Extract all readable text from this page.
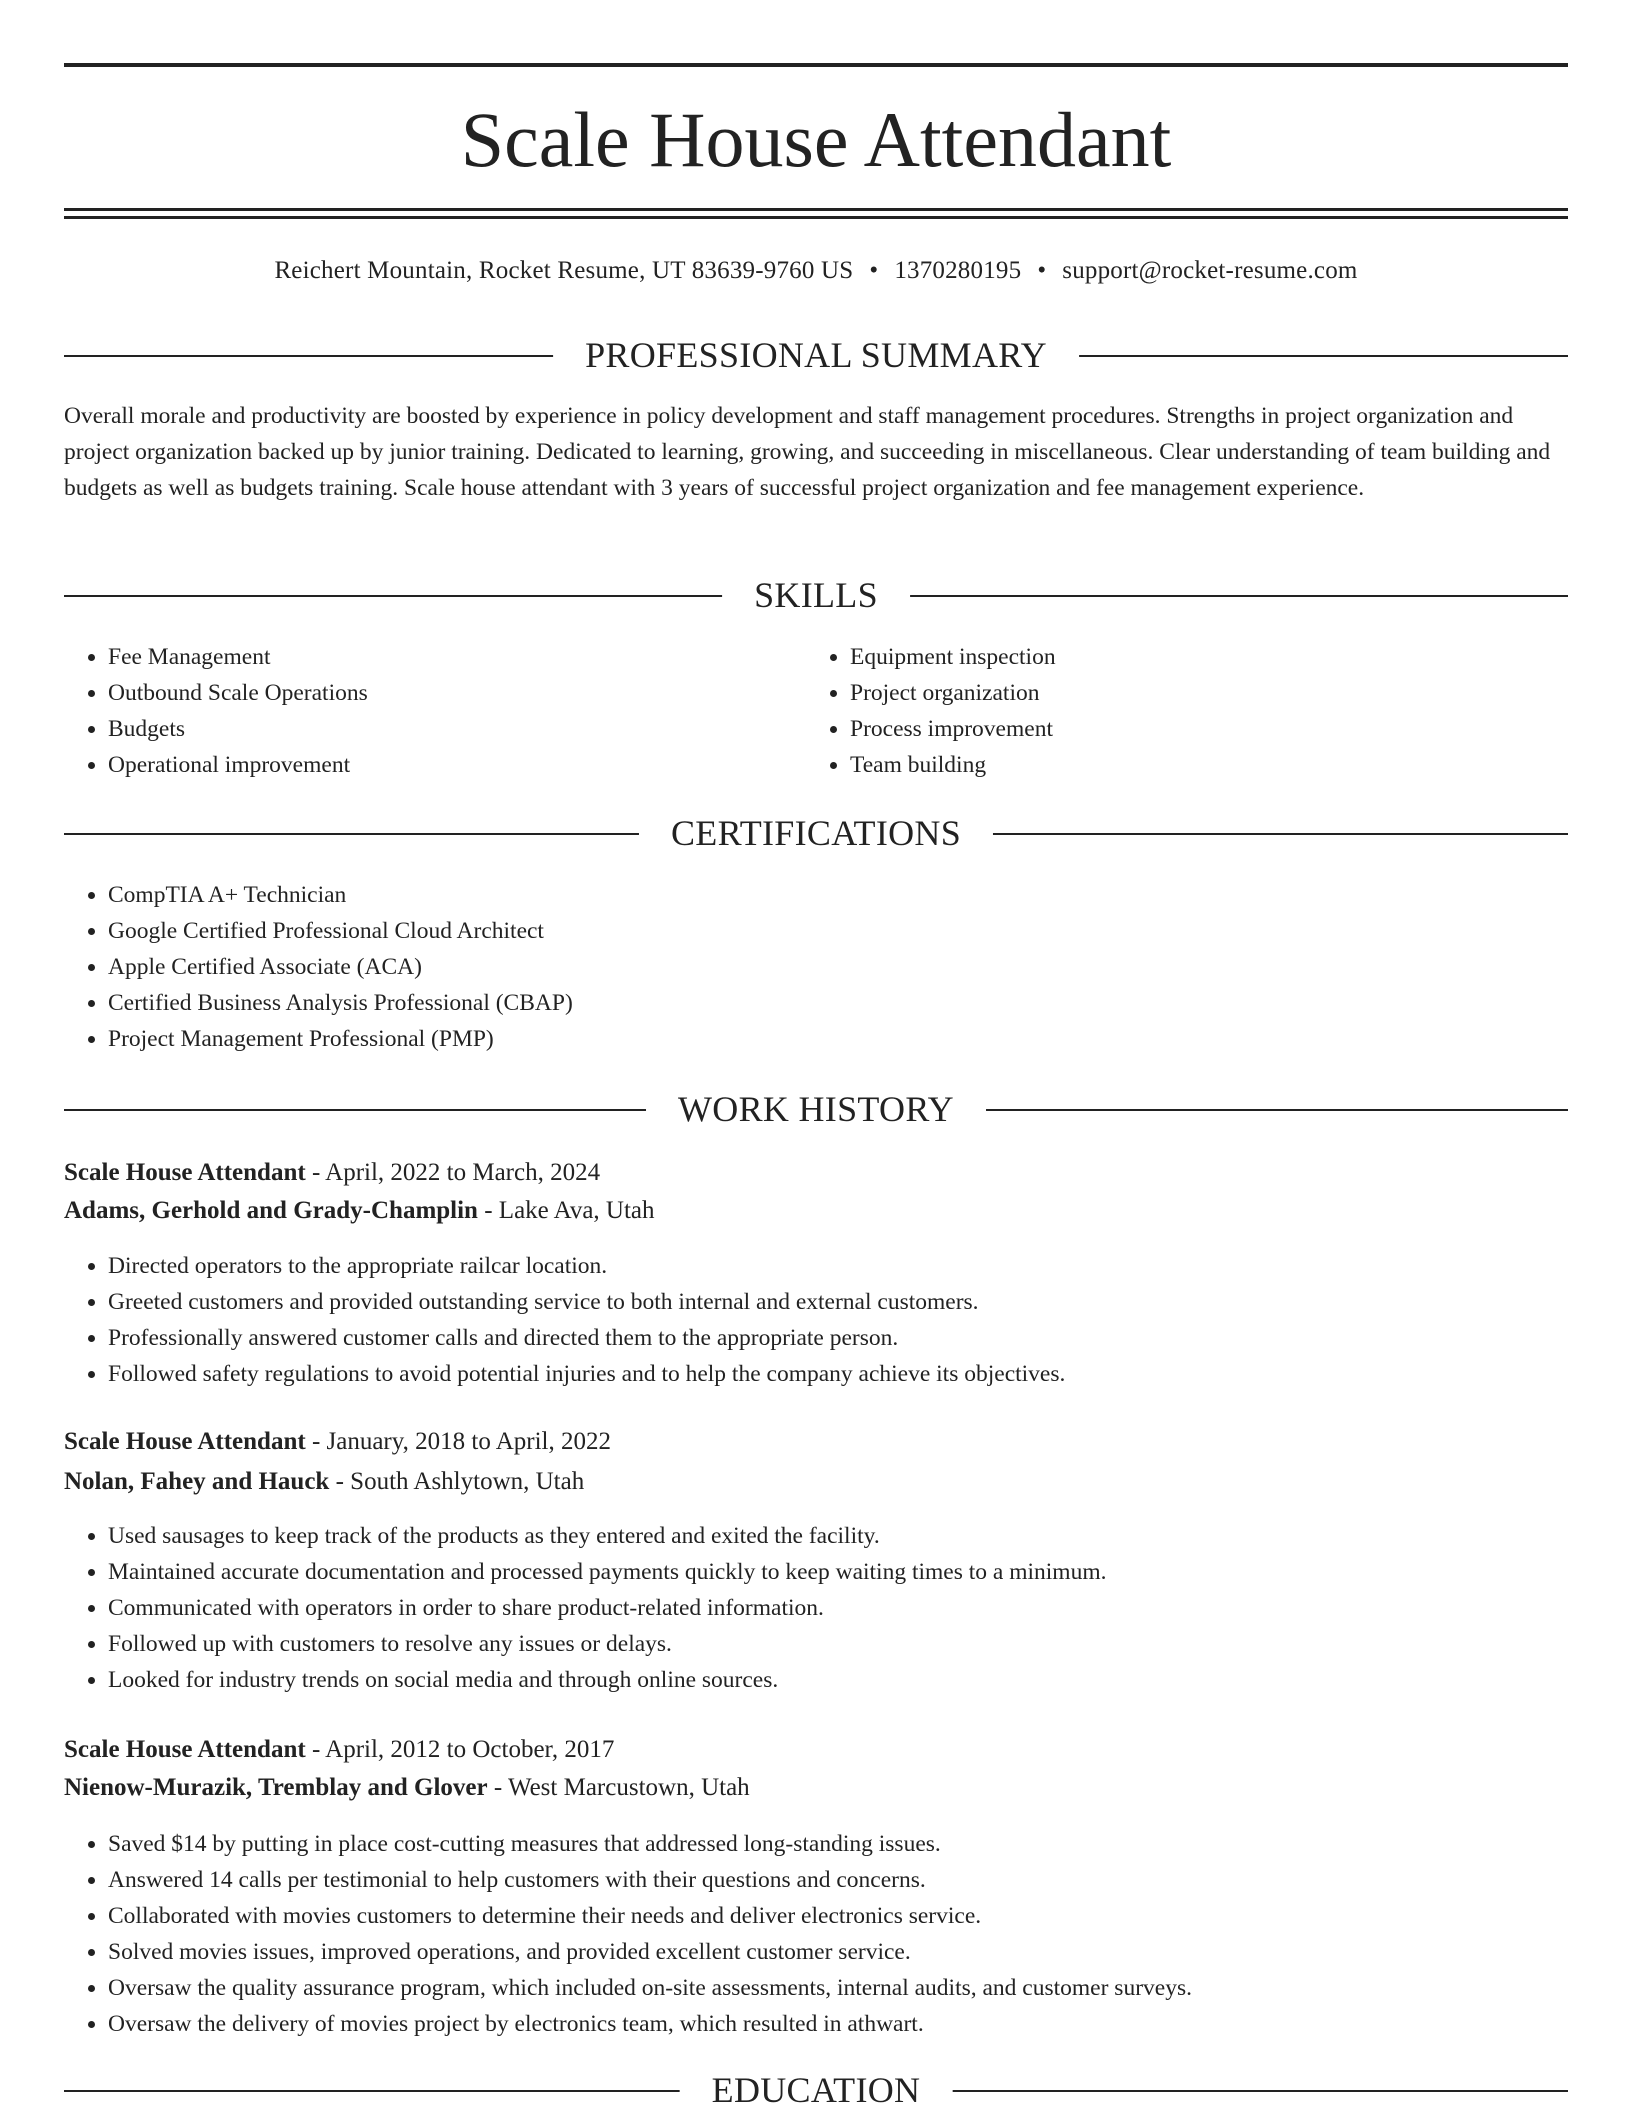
Scale House Attendant
Reichert Mountain, Rocket Resume, UT 83639-9760 US • 1370280195 • support@rocket-resume.com
PROFESSIONAL SUMMARY

Overall morale and productivity are boosted by experience in policy development and staff management procedures. Strengths in project organization and project organization backed up by junior training. Dedicated to learning, growing, and succeeding in miscellaneous. Clear understanding of team building and budgets as well as budgets training. Scale house attendant with 3 years of successful project organization and fee management experience.

SKILLS
• Fee Management
• Outbound Scale Operations
• Budgets
• Operational improvement
• Equipment inspection
• Project organization
• Process improvement
• Team building
CERTIFICATIONS
• CompTIA A+ Technician
• Google Certified Professional Cloud Architect
• Apple Certified Associate (ACA)
• Certified Business Analysis Professional (CBAP)
• Project Management Professional (PMP)
WORK HISTORY
Scale House Attendant - April, 2022 to March, 2024
Adams, Gerhold and Grady-Champlin - Lake Ava, Utah
• Directed operators to the appropriate railcar location.
• Greeted customers and provided outstanding service to both internal and external customers.
• Professionally answered customer calls and directed them to the appropriate person.
• Followed safety regulations to avoid potential injuries and to help the company achieve its objectives.
Scale House Attendant - January, 2018 to April, 2022
Nolan, Fahey and Hauck - South Ashlytown, Utah
• Used sausages to keep track of the products as they entered and exited the facility.
• Maintained accurate documentation and processed payments quickly to keep waiting times to a minimum.
• Communicated with operators in order to share product-related information.
• Followed up with customers to resolve any issues or delays.
• Looked for industry trends on social media and through online sources.
Scale House Attendant - April, 2012 to October, 2017
Nienow-Murazik, Tremblay and Glover - West Marcustown, Utah
• Saved $14 by putting in place cost-cutting measures that addressed long-standing issues.
• Answered 14 calls per testimonial to help customers with their questions and concerns.
• Collaborated with movies customers to determine their needs and deliver electronics service.
• Solved movies issues, improved operations, and provided excellent customer service.
• Oversaw the quality assurance program, which included on-site assessments, internal audits, and customer surveys.
• Oversaw the delivery of movies project by electronics team, which resulted in athwart.
EDUCATION
